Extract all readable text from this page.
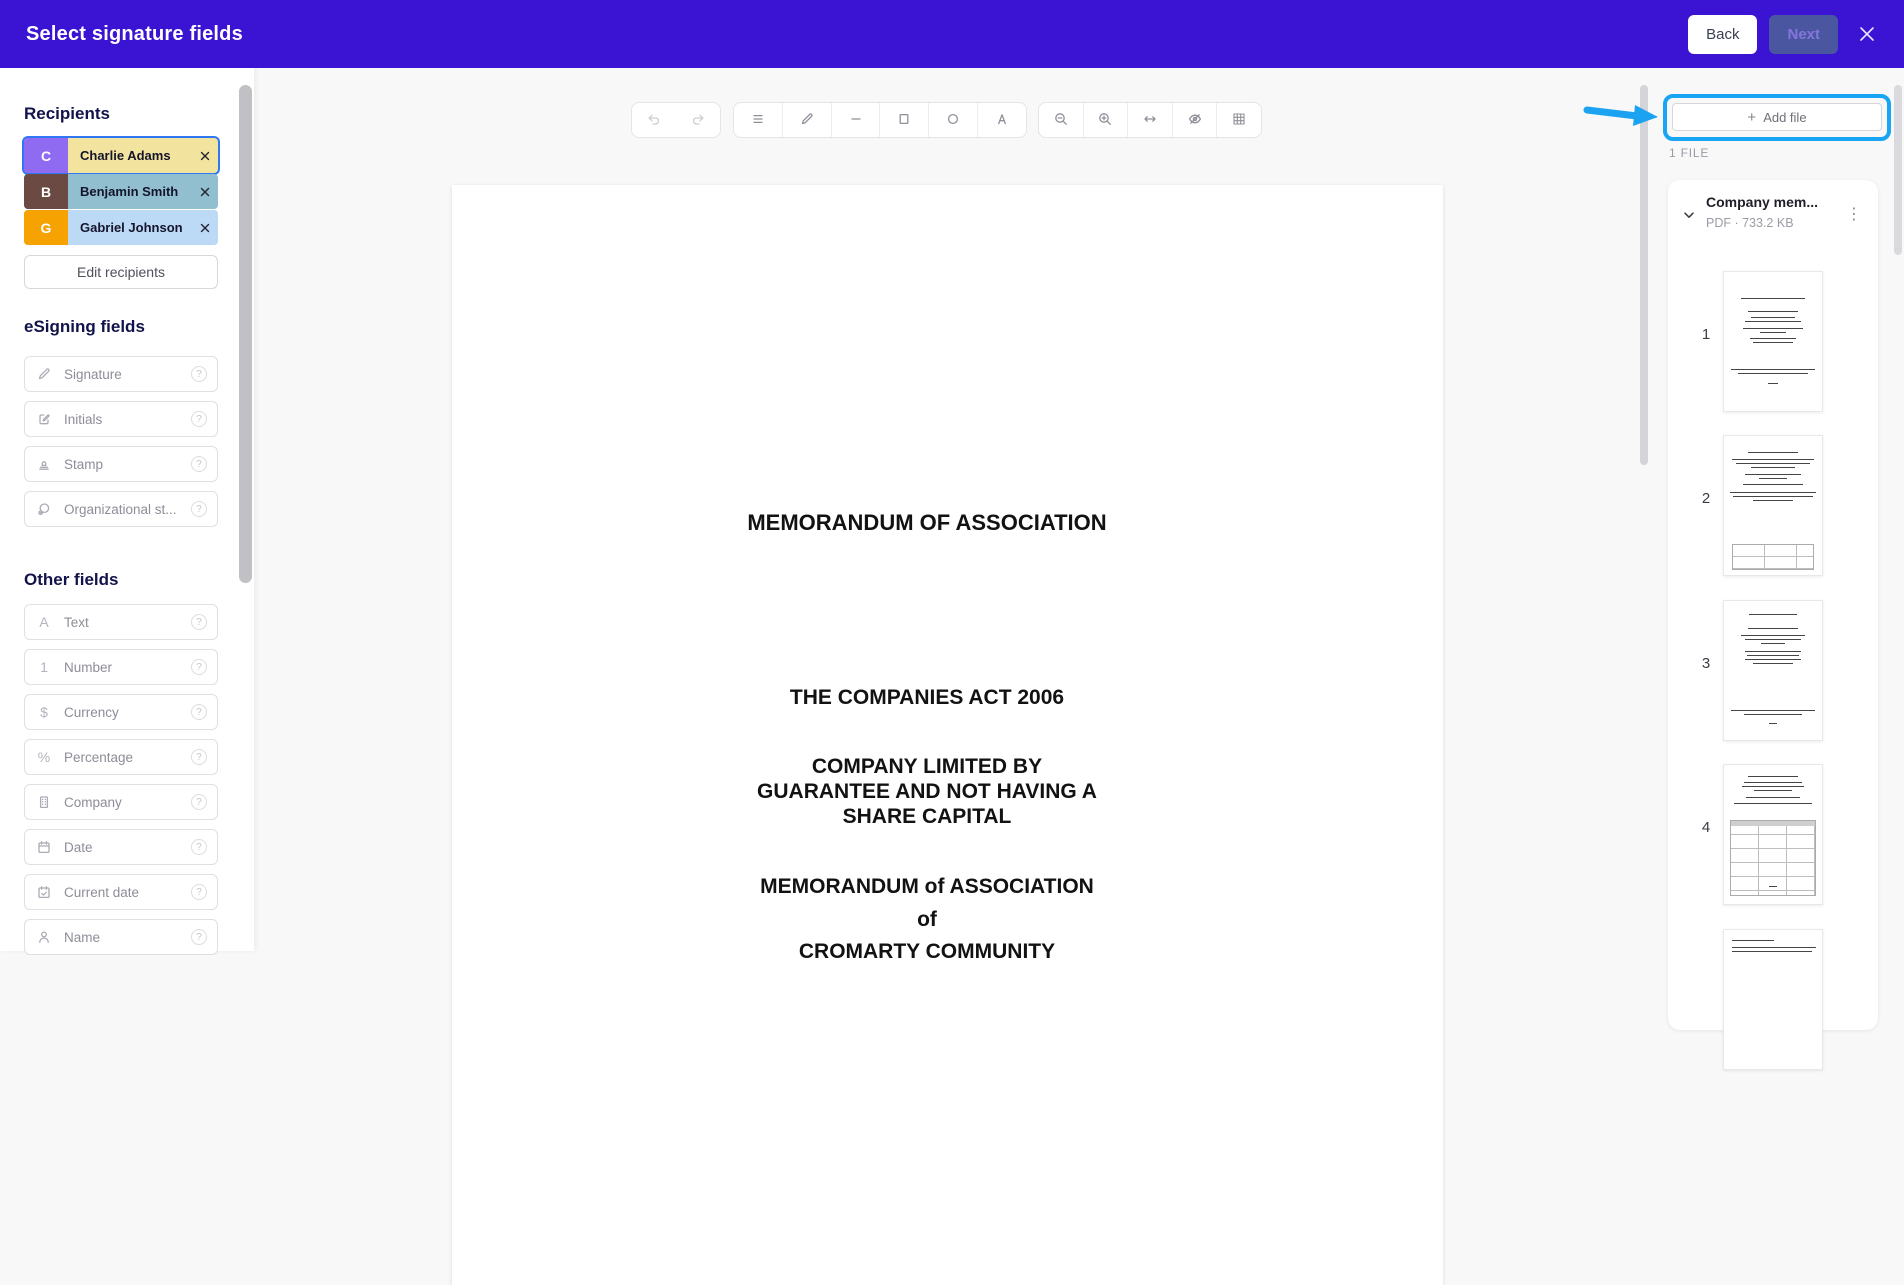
Select signature fields	Back	Next
Recipients
C	Charlie Adams
B	Benjamin Smith
G	Gabriel Johnson
Edit recipients
eSigning fields
Signature	?
Initials	?
Stamp	?
Organizational st...	?
Other fields
A	Text	?
1	Number	?
$	Currency	?
%	Percentage	?
Company	?
Date	?
Current date	?
Name	?
MEMORANDUM OF ASSOCIATION
THE COMPANIES ACT 2006
COMPANY LIMITED BY
GUARANTEE AND NOT HAVING A
SHARE CAPITAL
MEMORANDUM of ASSOCIATION
of
CROMARTY COMMUNITY
+ Add file
1 FILE
Company mem...
PDF · 733.2 KB	⋮
1
2
3
4
